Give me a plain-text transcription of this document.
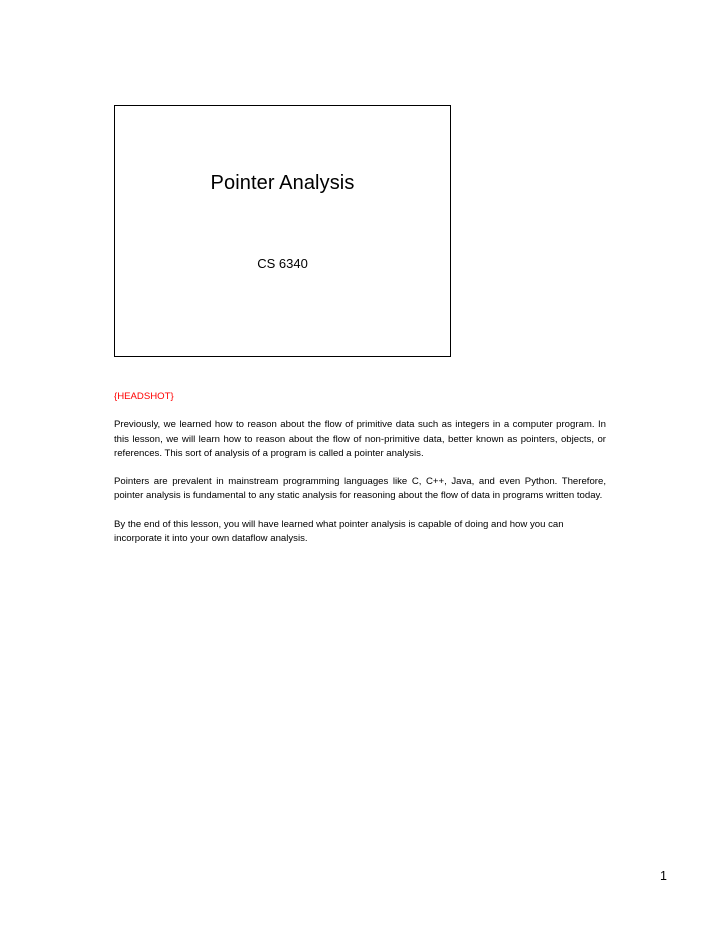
Pointer Analysis
CS 6340
{HEADSHOT}

Previously, we learned how to reason about the flow of primitive data such as integers in a computer program. In this lesson, we will learn how to reason about the flow of non-primitive data, better known as pointers, objects, or references. This sort of analysis of a program is called a pointer analysis.

Pointers are prevalent in mainstream programming languages like C, C++, Java, and even Python. Therefore, pointer analysis is fundamental to any static analysis for reasoning about the flow of data in programs written today.

By the end of this lesson, you will have learned what pointer analysis is capable of doing and how you can incorporate it into your own dataflow analysis.

1
